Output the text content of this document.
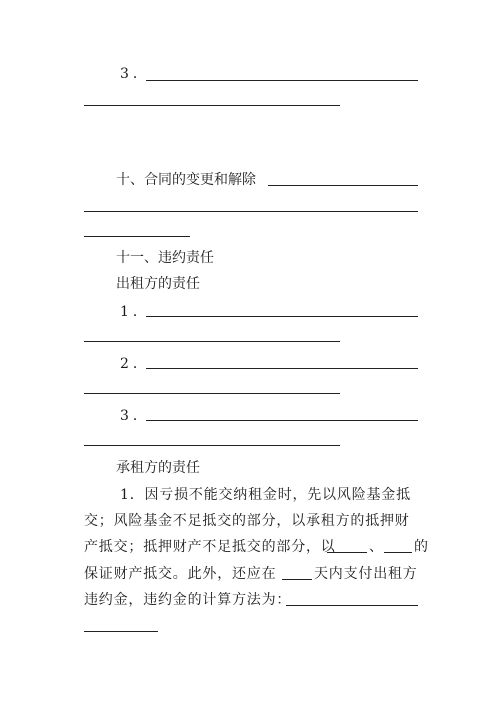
3．
十、合同的变更和解除
十一、违约责任
出租方的责任
1．
2．
3．
承租方的责任
1．因亏损不能交纳租金时，先以风险基金抵
交；风险基金不足抵交的部分，以承租方的抵押财
产抵交；抵押财产不足抵交的部分，以 、 的
保证财产抵交。此外，还应在	天内支付出租方
违约金，违约金的计算方法为：
